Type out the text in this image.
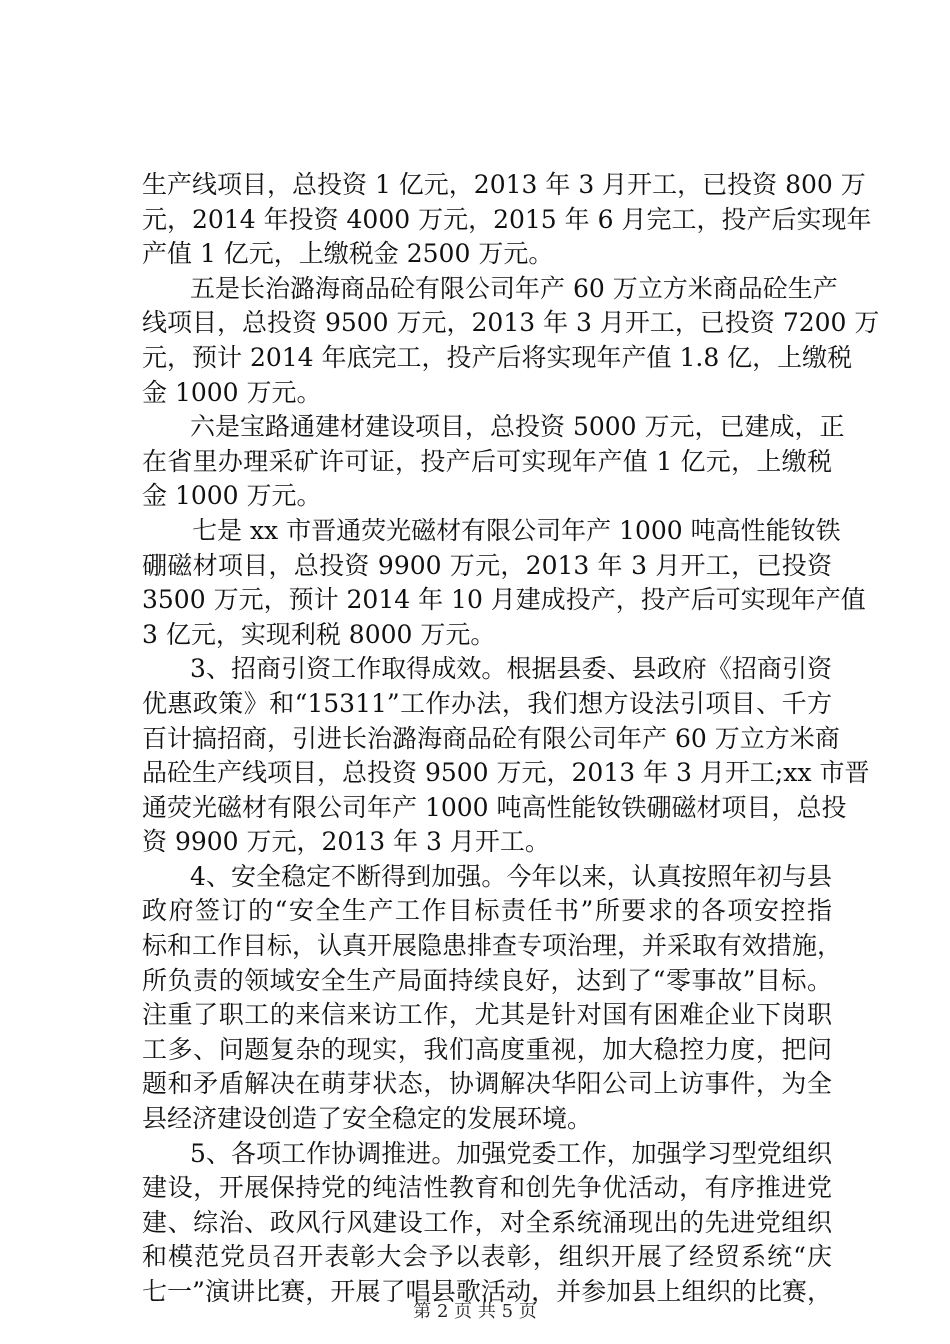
生产线项目，总投资 1 亿元，2013 年 3 月开工，已投资 800 万
元，2014 年投资 4000 万元，2015 年 6 月完工，投产后实现年
产值 1 亿元，上缴税金 2500 万元。
五是长治潞海商品砼有限公司年产 60 万立方米商品砼生产
线项目，总投资 9500 万元，2013 年 3 月开工，已投资 7200 万
元，预计 2014 年底完工，投产后将实现年产值 1.8 亿，上缴税
金 1000 万元。
六是宝路通建材建设项目，总投资 5000 万元，已建成，正
在省里办理采矿许可证，投产后可实现年产值 1 亿元，上缴税
金 1000 万元。
七是 xx 市晋通荧光磁材有限公司年产 1000 吨高性能钕铁
硼磁材项目，总投资 9900 万元，2013 年 3 月开工，已投资
3500 万元，预计 2014 年 10 月建成投产，投产后可实现年产值
3 亿元，实现利税 8000 万元。
3、招商引资工作取得成效。根据县委、县政府《招商引资
优惠政策》和“15311”工作办法，我们想方设法引项目、千方
百计搞招商，引进长治潞海商品砼有限公司年产 60 万立方米商
品砼生产线项目，总投资 9500 万元，2013 年 3 月开工;xx 市晋
通荧光磁材有限公司年产 1000 吨高性能钕铁硼磁材项目，总投
资 9900 万元，2013 年 3 月开工。
4、安全稳定不断得到加强。今年以来，认真按照年初与县
政府签订的“安全生产工作目标责任书”所要求的各项安控指
标和工作目标，认真开展隐患排查专项治理，并采取有效措施，
所负责的领域安全生产局面持续良好，达到了“零事故”目标。
注重了职工的来信来访工作，尤其是针对国有困难企业下岗职
工多、问题复杂的现实，我们高度重视，加大稳控力度，把问
题和矛盾解决在萌芽状态，协调解决华阳公司上访事件，为全
县经济建设创造了安全稳定的发展环境。
5、各项工作协调推进。加强党委工作，加强学习型党组织
建设，开展保持党的纯洁性教育和创先争优活动，有序推进党
建、综治、政风行风建设工作，对全系统涌现出的先进党组织
和模范党员召开表彰大会予以表彰，组织开展了经贸系统“庆
七一”演讲比赛，开展了唱县歌活动，并参加县上组织的比赛，
第 2 页 共 5 页
